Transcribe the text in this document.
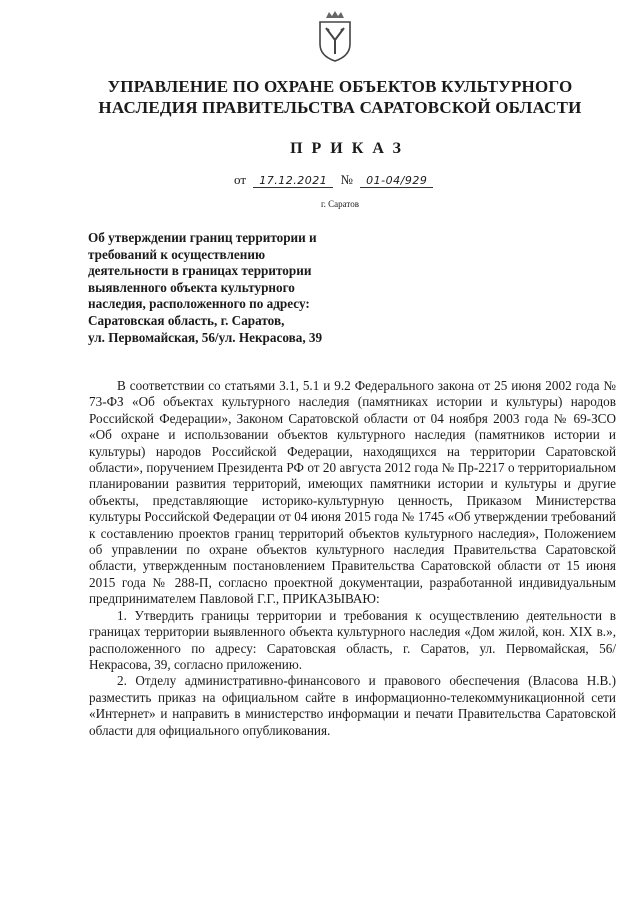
УПРАВЛЕНИЕ ПО ОХРАНЕ ОБЪЕКТОВ КУЛЬТУРНОГО
НАСЛЕДИЯ ПРАВИТЕЛЬСТВА САРАТОВСКОЙ ОБЛАСТИ
ПРИКАЗ
от 17.12.2021 № 01-04/929
г. Саратов
Об утверждении границ территории и
требований к осуществлению
деятельности в границах территории
выявленного объекта культурного
наследия, расположенного по адресу:
Саратовская область, г. Саратов,
ул. Первомайская, 56/ул. Некрасова, 39

В соответствии со статьями 3.1, 5.1 и 9.2 Федерального закона от 25 июня 2002 года № 73-ФЗ «Об объектах культурного наследия (памятниках истории и культуры) народов Российской Федерации», Законом Саратовской области от 04 ноября 2003 года № 69-ЗСО «Об охране и использовании объектов культурного наследия (памятников истории и культуры) народов Российской Федерации, находящихся на территории Саратовской области», поручением Президента РФ от 20 августа 2012 года № Пр-2217 о территориальном планировании развития территорий, имеющих памятники истории и культуры и другие объекты, представляющие историко-культурную ценность, Приказом Министерства культуры Российской Федерации от 04 июня 2015 года № 1745 «Об утверждении требований к составлению проектов границ территорий объектов культурного наследия», Положением об управлении по охране объектов культурного наследия Правительства Саратовской области, утвержденным постановлением Правительства Саратовской области от 15 июня 2015 года № 288-П, согласно проектной документации, разработанной индивидуальным предпринимателем Павловой Г.Г., ПРИКАЗЫВАЮ:

1. Утвердить границы территории и требования к осуществлению деятельности в границах территории выявленного объекта культурного наследия «Дом жилой, кон. XIX в.», расположенного по адресу: Саратовская область, г. Саратов, ул. Первомайская, 56/ Некрасова, 39, согласно приложению.

2. Отделу административно-финансового и правового обеспечения (Власова Н.В.) разместить приказ на официальном сайте в информационно-телекоммуникационной сети «Интернет» и направить в министерство информации и печати Правительства Саратовской области для официального опубликования.
